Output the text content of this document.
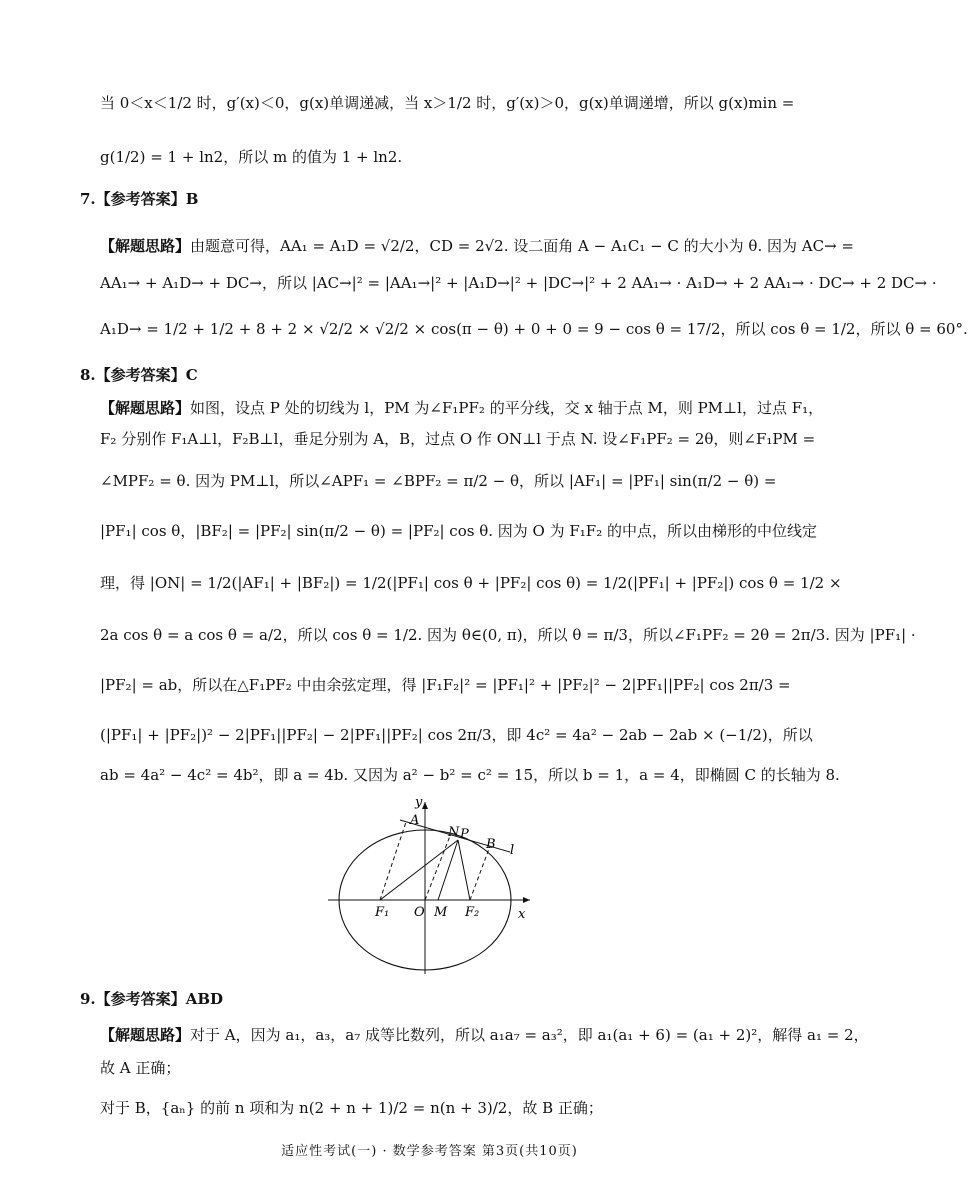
当 0＜x＜1/2 时，g′(x)＜0，g(x)单调递减，当 x＞1/2 时，g′(x)＞0，g(x)单调递增，所以 g(x)min =
g(1/2) = 1 + ln2，所以 m 的值为 1 + ln2.
7.【参考答案】B
【解题思路】由题意可得，AA₁ = A₁D = √2/2，CD = 2√2. 设二面角 A − A₁C₁ − C 的大小为 θ. 因为 AC→ =
AA₁→ + A₁D→ + DC→，所以 |AC→|² = |AA₁→|² + |A₁D→|² + |DC→|² + 2 AA₁→ · A₁D→ + 2 AA₁→ · DC→ + 2 DC→ ·
A₁D→ = 1/2 + 1/2 + 8 + 2 × √2/2 × √2/2 × cos(π − θ) + 0 + 0 = 9 − cos θ = 17/2，所以 cos θ = 1/2，所以 θ = 60°.
8.【参考答案】C
【解题思路】如图，设点 P 处的切线为 l，PM 为∠F₁PF₂ 的平分线，交 x 轴于点 M，则 PM⊥l，过点 F₁，
F₂ 分别作 F₁A⊥l，F₂B⊥l，垂足分别为 A，B，过点 O 作 ON⊥l 于点 N. 设∠F₁PF₂ = 2θ，则∠F₁PM =
∠MPF₂ = θ. 因为 PM⊥l，所以∠APF₁ = ∠BPF₂ = π/2 − θ，所以 |AF₁| = |PF₁| sin(π/2 − θ) =
|PF₁| cos θ，|BF₂| = |PF₂| sin(π/2 − θ) = |PF₂| cos θ. 因为 O 为 F₁F₂ 的中点，所以由梯形的中位线定
理，得 |ON| = 1/2(|AF₁| + |BF₂|) = 1/2(|PF₁| cos θ + |PF₂| cos θ) = 1/2(|PF₁| + |PF₂|) cos θ = 1/2 ×
2a cos θ = a cos θ = a/2，所以 cos θ = 1/2. 因为 θ∈(0, π)，所以 θ = π/3，所以∠F₁PF₂ = 2θ = 2π/3. 因为 |PF₁| ·
|PF₂| = ab，所以在△F₁PF₂ 中由余弦定理，得 |F₁F₂|² = |PF₁|² + |PF₂|² − 2|PF₁||PF₂| cos 2π/3 =
(|PF₁| + |PF₂|)² − 2|PF₁||PF₂| − 2|PF₁||PF₂| cos 2π/3，即 4c² = 4a² − 2ab − 2ab × (−1/2)，所以
ab = 4a² − 4c² = 4b²，即 a = 4b. 又因为 a² − b² = c² = 15，所以 b = 1，a = 4，即椭圆 C 的长轴为 8.
y
x
A
N P
B l
F₁ O M F₂
9.【参考答案】ABD
【解题思路】对于 A，因为 a₁，a₃，a₇ 成等比数列，所以 a₁a₇ = a₃²，即 a₁(a₁ + 6) = (a₁ + 2)²，解得 a₁ = 2，
故 A 正确；
对于 B，{aₙ} 的前 n 项和为 n(2 + n + 1)/2 = n(n + 3)/2，故 B 正确；
适应性考试(一) · 数学参考答案 第3页(共10页)
